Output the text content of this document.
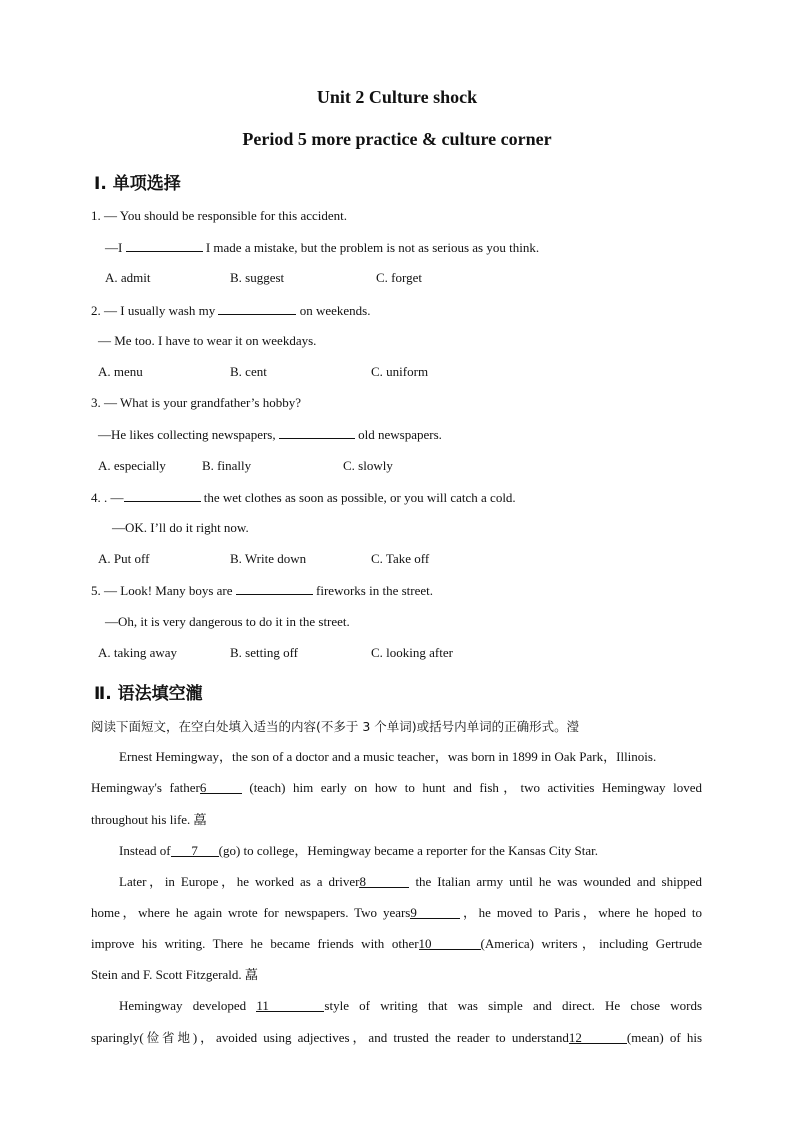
Unit 2 Culture shock
Period 5 more practice & culture corner
Ⅰ. 单项选择
1. — You should be responsible for this accident.
—I	I made a mistake, but the problem is not as serious as you think.
A. admit	B. suggest	C. forget
2. — I usually wash my	on weekends.
— Me too. I have to wear it on weekdays.
A. menu	B. cent	C. uniform
3. — What is your grandfather’s hobby?
—He likes collecting newspapers,	old newspapers.
A. especially	B. finally	C. slowly
4. . —	the wet clothes as soon as possible, or you will catch a cold.
—OK. I’ll do it right now.
A. Put off	B. Write down	C. Take off
5. — Look! Many boys are	fireworks in the street.
—Oh, it is very dangerous to do it in the street.
A. taking away	B. setting off	C. looking after
Ⅱ. 语法填空瀧
阅读下面短文，在空白处填入适当的内容(不多于 3 个单词)或括号内单词的正确形式。瀅
Ernest Hemingway，the son of a doctor and a music teacher，was born in 1899 in Oak Park，Illinois.
Hemingway's father6	(teach) him early on how to hunt and fish，two activities Hemingway loved
throughout his life. 藠
Instead of 7 (go) to college，Hemingway became a reporter for the Kansas City Star.
Later，in Europe，he worked as a driver8	the Italian army until he was wounded and shipped
home，where he again wrote for newspapers. Two years9	，he moved to Paris，where he hoped to
improve his writing. There he became friends with other10	(America) writers，including Gertrude
Stein and F. Scott Fitzgerald. 藠
Hemingway developed 11	style of writing that was simple and direct. He chose words
sparingly(俭省地)，avoided using adjectives，and trusted the reader to understand12	(mean) of his
